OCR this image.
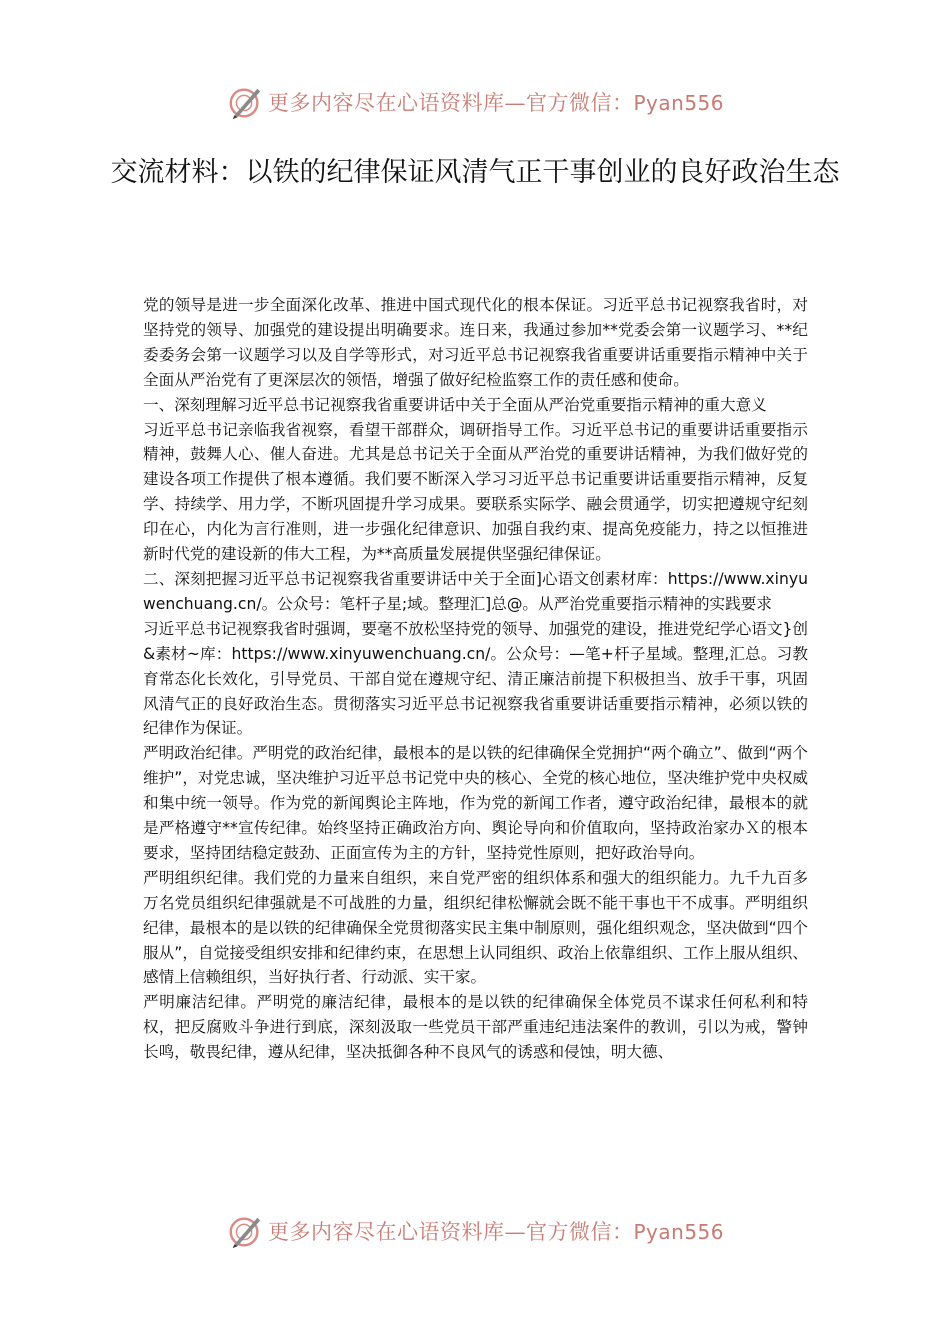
更多内容尽在心语资料库—官方微信：Pyan556
交流材料：以铁的纪律保证风清气正干事创业的良好政治生态

党的领导是进一步全面深化改革、推进中国式现代化的根本保证。习近平总书记视察我省时，对坚持党的领导、加强党的建设提出明确要求。连日来，我通过参加**党委会第一议题学习、**纪委委务会第一议题学习以及自学等形式，对习近平总书记视察我省重要讲话重要指示精神中关于全面从严治党有了更深层次的领悟，增强了做好纪检监察工作的责任感和使命。

一、深刻理解习近平总书记视察我省重要讲话中关于全面从严治党重要指示精神的重大意义

习近平总书记亲临我省视察，看望干部群众，调研指导工作。习近平总书记的重要讲话重要指示精神，鼓舞人心、催人奋进。尤其是总书记关于全面从严治党的重要讲话精神，为我们做好党的建设各项工作提供了根本遵循。我们要不断深入学习习近平总书记重要讲话重要指示精神，反复学、持续学、用力学，不断巩固提升学习成果。要联系实际学、融会贯通学，切实把遵规守纪刻印在心，内化为言行准则，进一步强化纪律意识、加强自我约束、提高免疫能力，持之以恒推进新时代党的建设新的伟大工程，为**高质量发展提供坚强纪律保证。

二、深刻把握习近平总书记视察我省重要讲话中关于全面]心语文创素材库：https://www.xinyuwenchuang.cn/。公众号：笔杆子星;域。整理汇]总@。从严治党重要指示精神的实践要求

习近平总书记视察我省时强调，要毫不放松坚持党的领导、加强党的建设，推进党纪学心语文}创&素材~库：https://www.xinyuwenchuang.cn/。公众号：—笔+杆子星域。整理,汇总。习教育常态化长效化，引导党员、干部自觉在遵规守纪、清正廉洁前提下积极担当、放手干事，巩固风清气正的良好政治生态。贯彻落实习近平总书记视察我省重要讲话重要指示精神，必须以铁的纪律作为保证。

严明政治纪律。严明党的政治纪律，最根本的是以铁的纪律确保全党拥护“两个确立”、做到“两个维护”，对党忠诚，坚决维护习近平总书记党中央的核心、全党的核心地位，坚决维护党中央权威和集中统一领导。作为党的新闻舆论主阵地，作为党的新闻工作者，遵守政治纪律，最根本的就是严格遵守**宣传纪律。始终坚持正确政治方向、舆论导向和价值取向，坚持政治家办Ｘ的根本要求，坚持团结稳定鼓劲、正面宣传为主的方针，坚持党性原则，把好政治导向。

严明组织纪律。我们党的力量来自组织，来自党严密的组织体系和强大的组织能力。九千九百多万名党员组织纪律强就是不可战胜的力量，组织纪律松懈就会既不能干事也干不成事。严明组织纪律，最根本的是以铁的纪律确保全党贯彻落实民主集中制原则，强化组织观念，坚决做到“四个服从”，自觉接受组织安排和纪律约束，在思想上认同组织、政治上依靠组织、工作上服从组织、感情上信赖组织，当好执行者、行动派、实干家。

严明廉洁纪律。严明党的廉洁纪律，最根本的是以铁的纪律确保全体党员不谋求任何私利和特权，把反腐败斗争进行到底，深刻汲取一些党员干部严重违纪违法案件的教训，引以为戒，警钟长鸣，敬畏纪律，遵从纪律，坚决抵御各种不良风气的诱惑和侵蚀，明大德、

更多内容尽在心语资料库—官方微信：Pyan556
